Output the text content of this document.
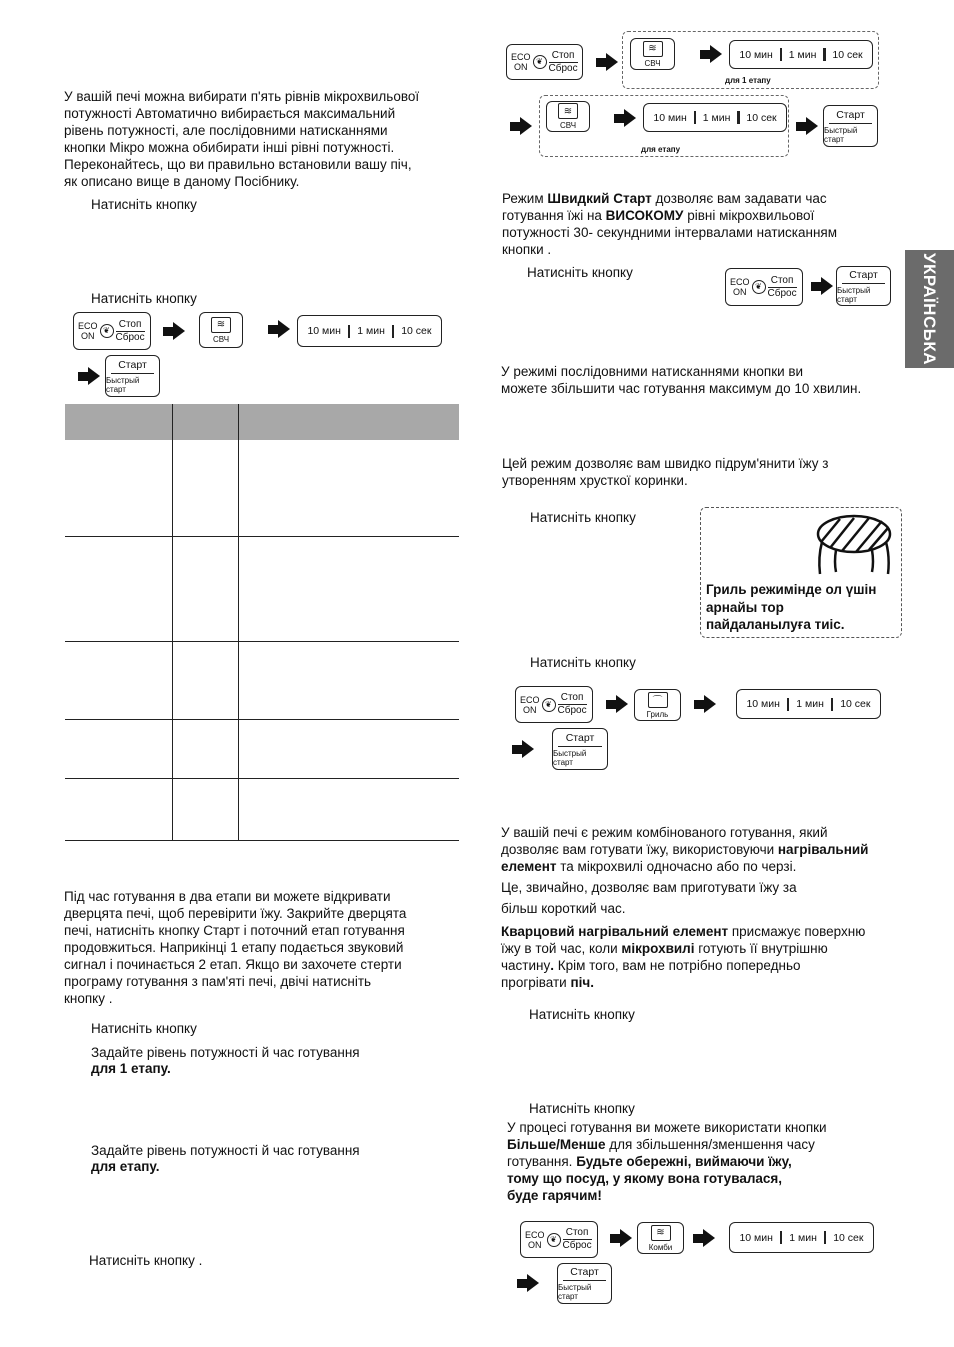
УКРАЇНСЬКА
У вашій печі можна вибирати п'ять рівнів мікрохвильової
потужності Автоматично вибирається максимальний
рівень потужності, але послідовними натисканнями
кнопки Мікро можна обибирати інші рівні потужності.
Переконайтесь, що ви правильно встановили вашу піч,
як описано вище в даному Посібнику.
Натисніть кнопку
Натисніть кнопку
ECO
ON
❦
Стоп
Сброс
≋
СВЧ
10 мин 1 мин 10 сек
Старт
Быстрый старт
Під час готування в два етапи ви можете відкривати
дверцята печі, щоб перевірити їжу. Закрийте дверцята
печі, натисніть кнопку Старт і поточний етап готування
продовжиться. Наприкінці 1 етапу подається звуковий
сигнал і починається 2 етап. Якщо ви захочете стерти
програму готування з пам'яті печі, двічі натисніть
кнопку .
Натисніть кнопку
Задайте рівень потужності й час готування
для 1 етапу.
Задайте рівень потужності й час готування
для етапу.
Натисніть кнопку .
ECO
ON
❦
Стоп
Сброс
≋
СВЧ
10 мин 1 мин 10 сек
для 1 етапу
≋
СВЧ
10 мин 1 мин 10 сек
для етапу
Старт
Быстрый старт
Режим Швидкий Старт дозволяє вам задавати час
готування їжі на ВИСОКОМУ рівні мікрохвильової
потужності 30- секундними інтервалами натисканням
кнопки .
Натисніть кнопку
ECO
ON
❦
Стоп
Сброс
Старт
Быстрый старт
У режимі послідовними натисканнями кнопки ви
можете збільшити час готування максимум до 10 хвилин.
Цей режим дозволяє вам швидко підрум'янити їжу з
утворенням хрусткої коринки.
Натисніть кнопку
Гриль режимінде ол үшін
арнайы тор
пайдаланылуға тиіс.
Натисніть кнопку
ECO
ON
❦
Стоп
Сброс
⌒
Гриль
10 мин 1 мин 10 сек
Старт
Быстрый старт
У вашій печі є режим комбінованого готування, який
дозволяє вам готувати їжу, використовуючи нагрівальний
елемент та мікрохвилі одночасно або по черзі.
Це, звичайно, дозволяє вам приготувати їжу за
більш короткий час.
Кварцовий нагрівальний елемент присмажує поверхню
їжу в той час, коли мікрохвилі готують її внутрішню
частину. Крім того, вам не потрібно попередньо
прогрівати піч.
Натисніть кнопку
Натисніть кнопку
У процесі готування ви можете використати кнопки
Більше/Менше для збільшення/зменшення часу
готування. Будьте обережні, виймаючи їжу,
тому що посуд, у якому вона готувалася,
буде гарячим!
ECO
ON
❦
Стоп
Сброс
≋
Комби
10 мин 1 мин 10 сек
Старт
Быстрый старт
